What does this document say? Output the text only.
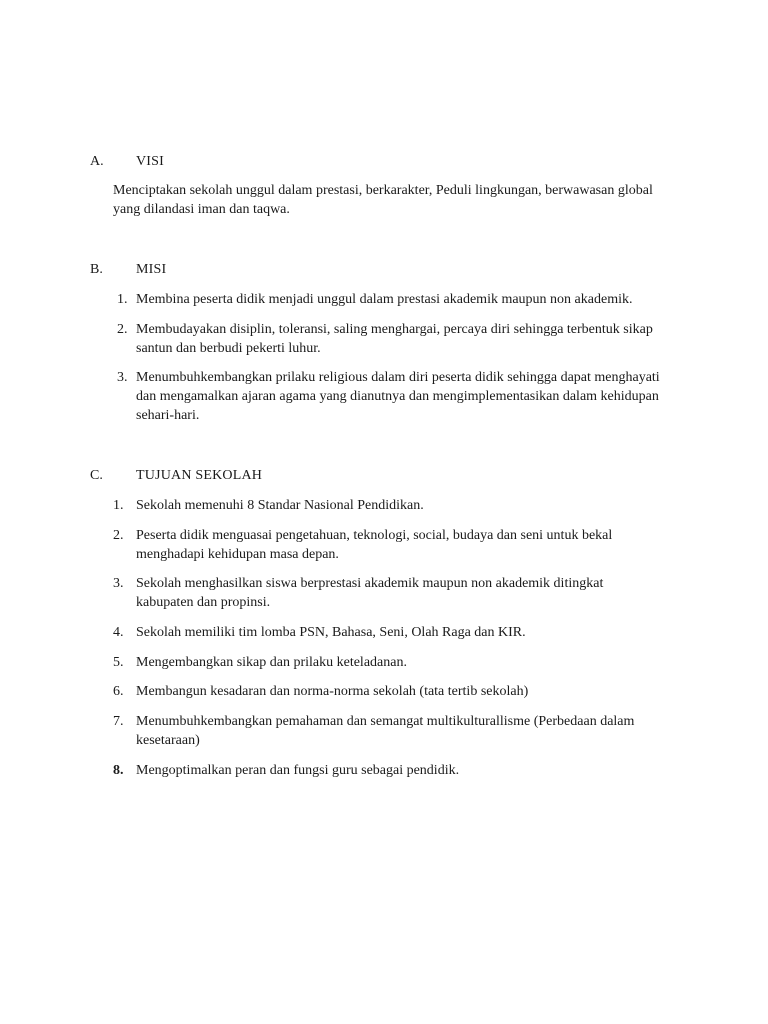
A. VISI
Menciptakan sekolah unggul dalam prestasi, berkarakter, Peduli lingkungan, berwawasan global yang dilandasi iman dan taqwa.
B. MISI
1. Membina peserta didik menjadi unggul dalam prestasi akademik maupun non akademik.
2. Membudayakan disiplin, toleransi, saling menghargai, percaya diri sehingga terbentuk sikap santun dan berbudi pekerti luhur.
3. Menumbuhkembangkan prilaku religious dalam diri peserta didik sehingga dapat menghayati dan mengamalkan ajaran agama yang dianutnya dan mengimplementasikan dalam kehidupan sehari-hari.
C. TUJUAN SEKOLAH
1. Sekolah memenuhi 8 Standar Nasional Pendidikan.
2. Peserta didik menguasai pengetahuan, teknologi, social, budaya dan seni untuk bekal menghadapi kehidupan masa depan.
3. Sekolah menghasilkan siswa berprestasi akademik maupun non akademik ditingkat kabupaten dan propinsi.
4. Sekolah memiliki tim lomba PSN, Bahasa, Seni, Olah Raga dan KIR.
5. Mengembangkan sikap dan prilaku keteladanan.
6. Membangun kesadaran dan norma-norma sekolah (tata tertib sekolah)
7. Menumbuhkembangkan pemahaman dan semangat multikulturallisme (Perbedaan dalam kesetaraan)
8. Mengoptimalkan peran dan fungsi guru sebagai pendidik.
